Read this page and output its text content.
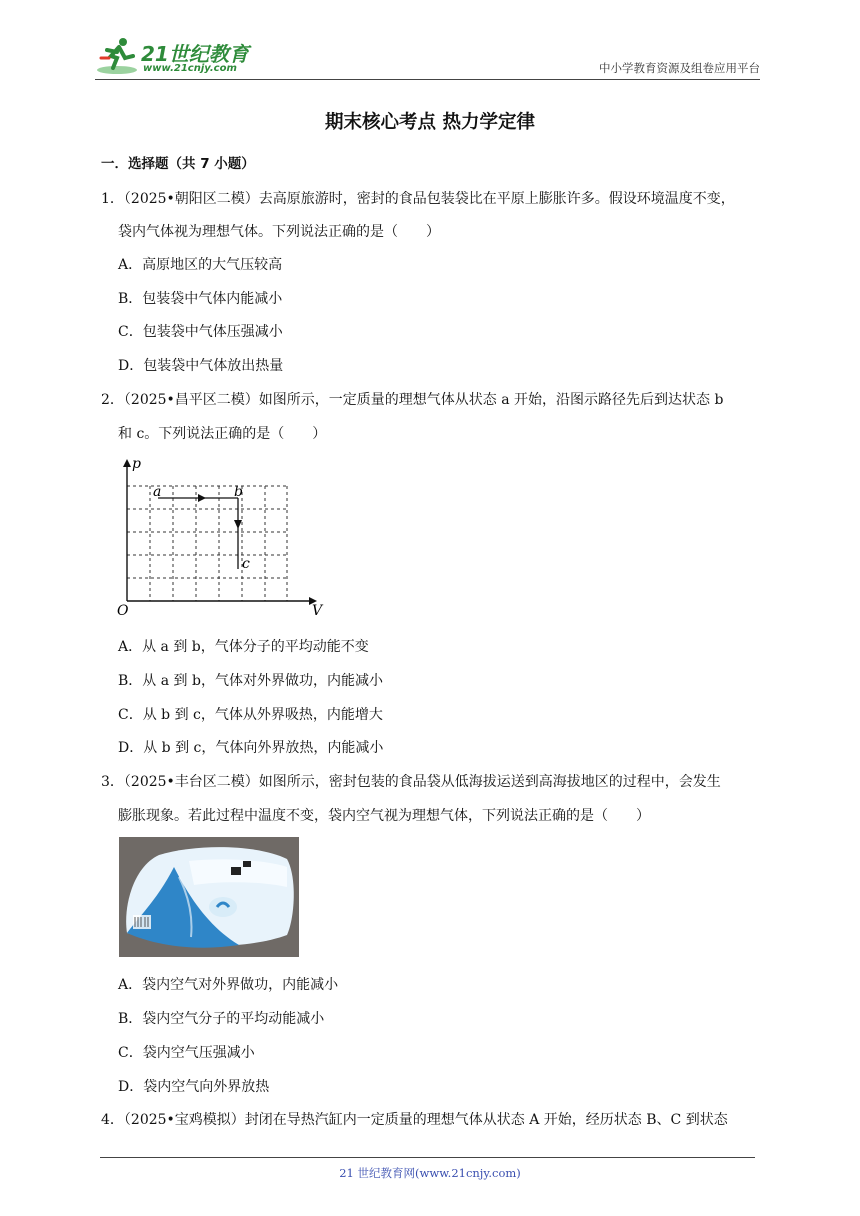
21世纪教育
www.21cnjy.com	中小学教育资源及组卷应用平台
期末核心考点 热力学定律
一．选择题（共 7 小题）
1．（2025•朝阳区二模）去高原旅游时，密封的食品包装袋比在平原上膨胀许多。假设环境温度不变，
袋内气体视为理想气体。下列说法正确的是（　　）
A．高原地区的大气压较高
B．包装袋中气体内能减小
C．包装袋中气体压强减小
D．包装袋中气体放出热量
2．（2025•昌平区二模）如图所示，一定质量的理想气体从状态 a 开始，沿图示路径先后到达状态 b
和 c。下列说法正确的是（　　）
p
V
O
a	b
c
A．从 a 到 b，气体分子的平均动能不变
B．从 a 到 b，气体对外界做功，内能减小
C．从 b 到 c，气体从外界吸热，内能增大
D．从 b 到 c，气体向外界放热，内能减小
3．（2025•丰台区二模）如图所示，密封包装的食品袋从低海拔运送到高海拔地区的过程中，会发生
膨胀现象。若此过程中温度不变，袋内空气视为理想气体，下列说法正确的是（　　）
A．袋内空气对外界做功，内能减小
B．袋内空气分子的平均动能减小
C．袋内空气压强减小
D．袋内空气向外界放热
4．（2025•宝鸡模拟）封闭在导热汽缸内一定质量的理想气体从状态 A 开始，经历状态 B、C 到状态
21 世纪教育网(www.21cnjy.com)
